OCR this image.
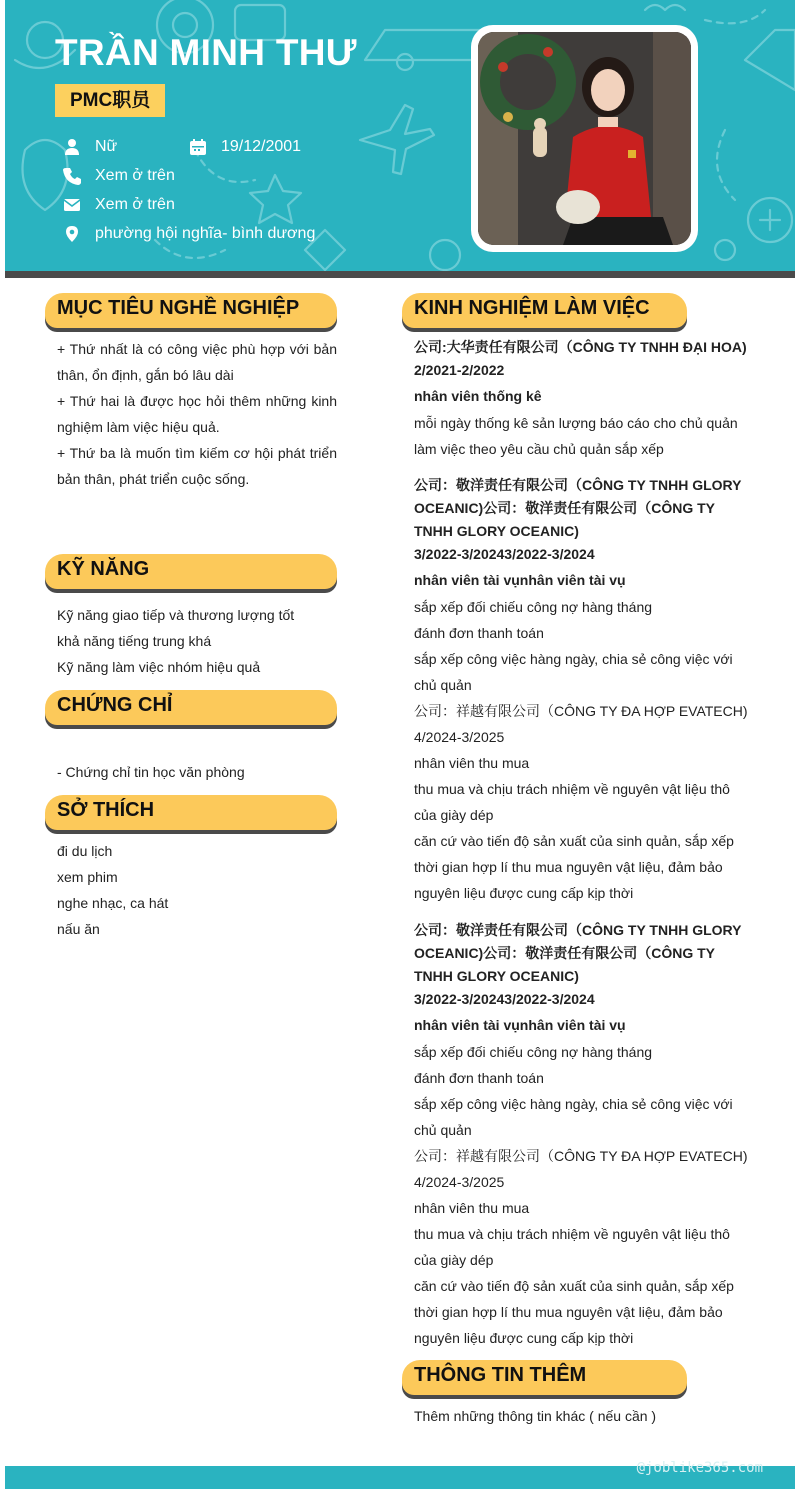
TRẦN MINH THƯ
PMC职员
Nữ	19/12/2001
Xem ở trên
Xem ở trên
phường hội nghĩa- bình dương
MỤC TIÊU NGHỀ NGHIỆP
+ Thứ nhất là có công việc phù hợp với bản thân, ổn định, gắn bó lâu dài
+ Thứ hai là được học hỏi thêm những kinh nghiệm làm việc hiệu quả.
+ Thứ ba là muốn tìm kiếm cơ hội phát triển bản thân, phát triển cuộc sống.
KỸ NĂNG
Kỹ năng giao tiếp và thương lượng tốt
khả năng tiếng trung khá
Kỹ năng làm việc nhóm hiệu quả
CHỨNG CHỈ
- Chứng chỉ tin học văn phòng
SỞ THÍCH
đi du lịch
xem phim
nghe nhạc, ca hát
nấu ăn
KINH NGHIỆM LÀM VIỆC
公司:大华责任有限公司（CÔNG TY TNHH ĐẠI HOA)
2/2021-2/2022
nhân viên thống kê
mỗi ngày thống kê sản lượng báo cáo cho chủ quản làm việc theo yêu cầu chủ quản sắp xếp
公司：敬洋责任有限公司（CÔNG TY TNHH GLORY OCEANIC)公司：敬洋责任有限公司（CÔNG TY TNHH GLORY OCEANIC)
3/2022-3/20243/2022-3/2024
nhân viên tài vụnhân viên tài vụ
sắp xếp đối chiếu công nợ hàng tháng
đánh đơn thanh toán
sắp xếp công việc hàng ngày, chia sẻ công việc với chủ quản
公司：祥越有限公司（CÔNG TY ĐA HỢP EVATECH)
4/2024-3/2025
nhân viên thu mua
thu mua và chịu trách nhiệm về nguyên vật liệu thô của giày dép
căn cứ vào tiến độ sản xuất của sinh quản, sắp xếp thời gian hợp lí thu mua nguyên vật liệu, đảm bảo nguyên liệu được cung cấp kịp thời
公司：敬洋责任有限公司（CÔNG TY TNHH GLORY OCEANIC)公司：敬洋责任有限公司（CÔNG TY TNHH GLORY OCEANIC)
3/2022-3/20243/2022-3/2024
nhân viên tài vụnhân viên tài vụ
sắp xếp đối chiếu công nợ hàng tháng
đánh đơn thanh toán
sắp xếp công việc hàng ngày, chia sẻ công việc với chủ quản
公司：祥越有限公司（CÔNG TY ĐA HỢP EVATECH)
4/2024-3/2025
nhân viên thu mua
thu mua và chịu trách nhiệm về nguyên vật liệu thô của giày dép
căn cứ vào tiến độ sản xuất của sinh quản, sắp xếp thời gian hợp lí thu mua nguyên vật liệu, đảm bảo nguyên liệu được cung cấp kịp thời
THÔNG TIN THÊM
Thêm những thông tin khác ( nếu cần )
@joblike365.com
